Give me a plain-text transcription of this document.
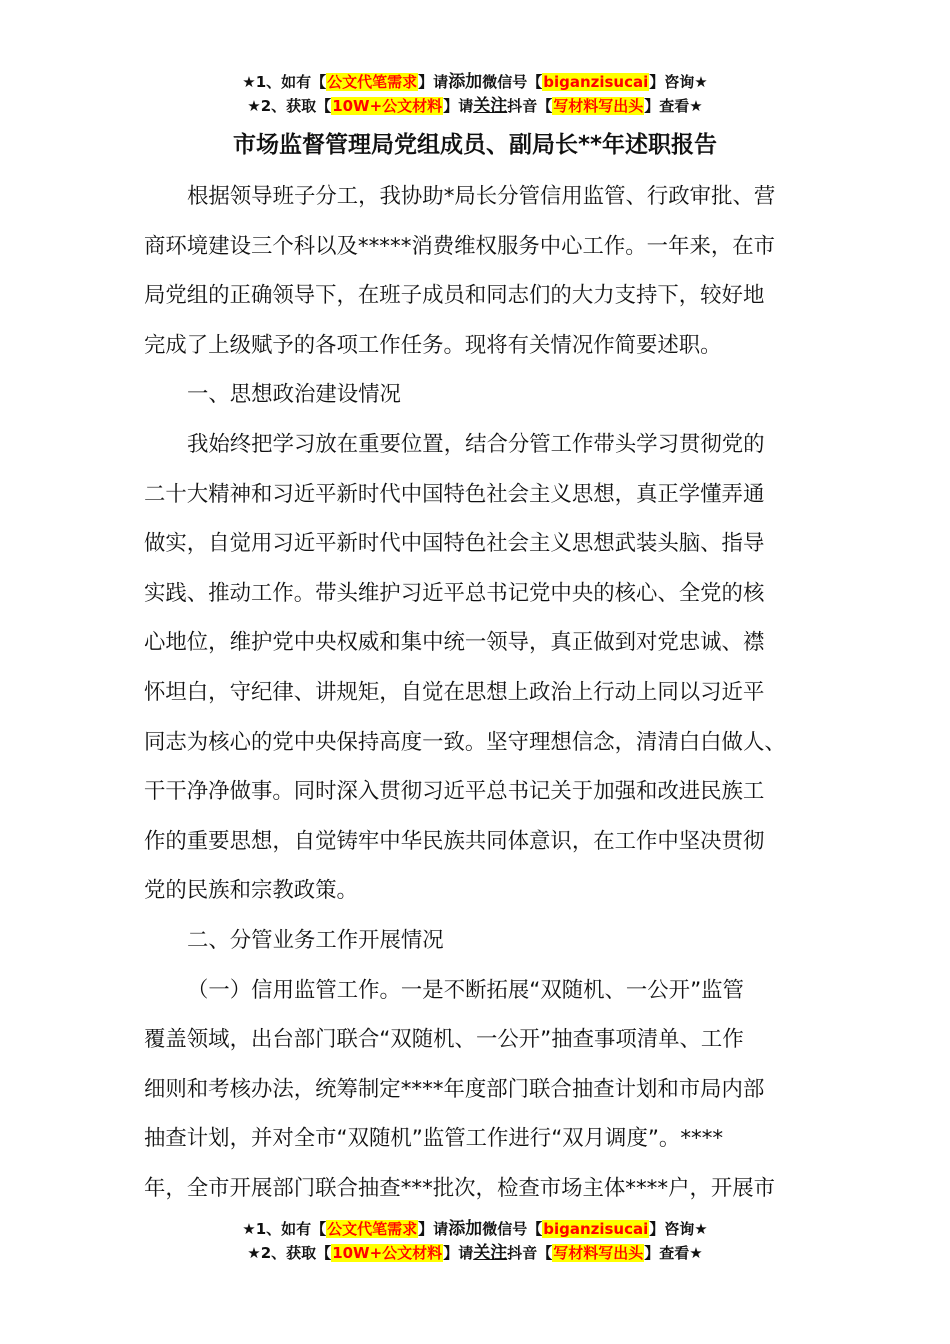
★1、如有【公文代笔需求】请添加微信号【biganzisucai】咨询★
★2、获取【10W+公文材料】请关注抖音【写材料写出头】查看★
市场监督管理局党组成员、副局长**年述职报告

根据领导班子分工，我协助*局长分管信用监管、行政审批、营

商环境建设三个科以及*****消费维权服务中心工作。一年来，在市

局党组的正确领导下，在班子成员和同志们的大力支持下，较好地

完成了上级赋予的各项工作任务。现将有关情况作简要述职。

一、思想政治建设情况

我始终把学习放在重要位置，结合分管工作带头学习贯彻党的

二十大精神和习近平新时代中国特色社会主义思想，真正学懂弄通

做实，自觉用习近平新时代中国特色社会主义思想武装头脑、指导

实践、推动工作。带头维护习近平总书记党中央的核心、全党的核

心地位，维护党中央权威和集中统一领导，真正做到对党忠诚、襟

怀坦白，守纪律、讲规矩，自觉在思想上政治上行动上同以习近平

同志为核心的党中央保持高度一致。坚守理想信念，清清白白做人、

干干净净做事。同时深入贯彻习近平总书记关于加强和改进民族工

作的重要思想，自觉铸牢中华民族共同体意识，在工作中坚决贯彻

党的民族和宗教政策。

二、分管业务工作开展情况

（一）信用监管工作。一是不断拓展“双随机、一公开”监管

覆盖领域，出台部门联合“双随机、一公开”抽查事项清单、工作

细则和考核办法，统筹制定****年度部门联合抽查计划和市局内部

抽查计划，并对全市“双随机”监管工作进行“双月调度”。****

年，全市开展部门联合抽查***批次，检查市场主体****户，开展市

★1、如有【公文代笔需求】请添加微信号【biganzisucai】咨询★
★2、获取【10W+公文材料】请关注抖音【写材料写出头】查看★
